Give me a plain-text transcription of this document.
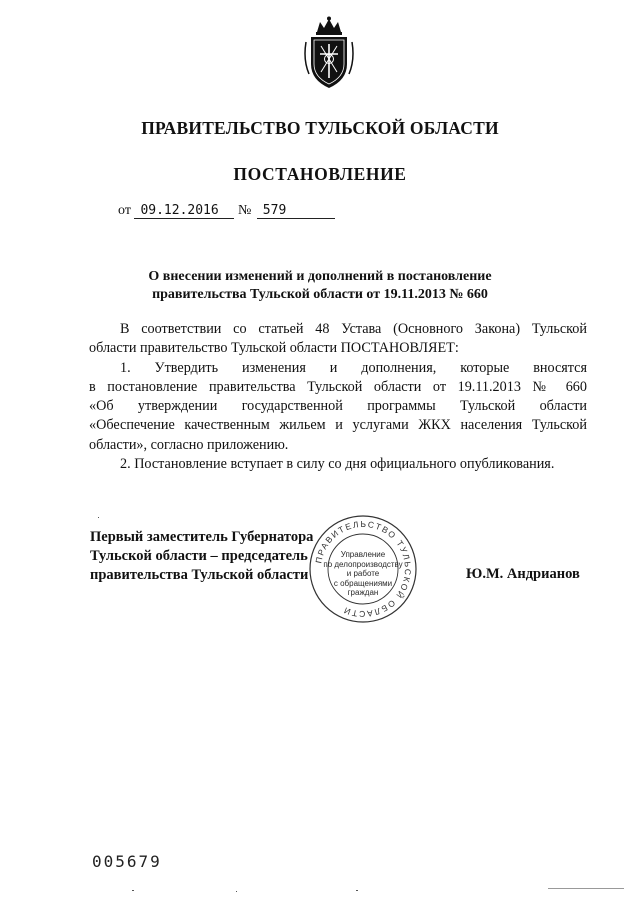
ПРАВИТЕЛЬСТВО ТУЛЬСКОЙ ОБЛАСТИ
ПОСТАНОВЛЕНИЕ
от 09.12.2016 № 579
О внесении изменений и дополнений в постановление
правительства Тульской области от 19.11.2013 № 660

В соответствии со статьей 48 Устава (Основного Закона) Тульской
области правительство Тульской области ПОСТАНОВЛЯЕТ:

1. Утвердить изменения и дополнения, которые вносятся
в постановление правительства Тульской области от 19.11.2013 № 660
«Об утверждении государственной программы Тульской области
«Обеспечение качественным жильем и услугами ЖКХ населения Тульской
области», согласно приложению.

2. Постановление вступает в силу со дня официального опубликования.

Первый заместитель Губернатора
Тульской области – председатель
правительства Тульской области	Ю.М. Андрианов
ПРАВИТЕЛЬСТВО ТУЛЬСКОЙ ОБЛАСТИ
Управление
по делопроизводству
и работе
с обращениями
граждан
005679
